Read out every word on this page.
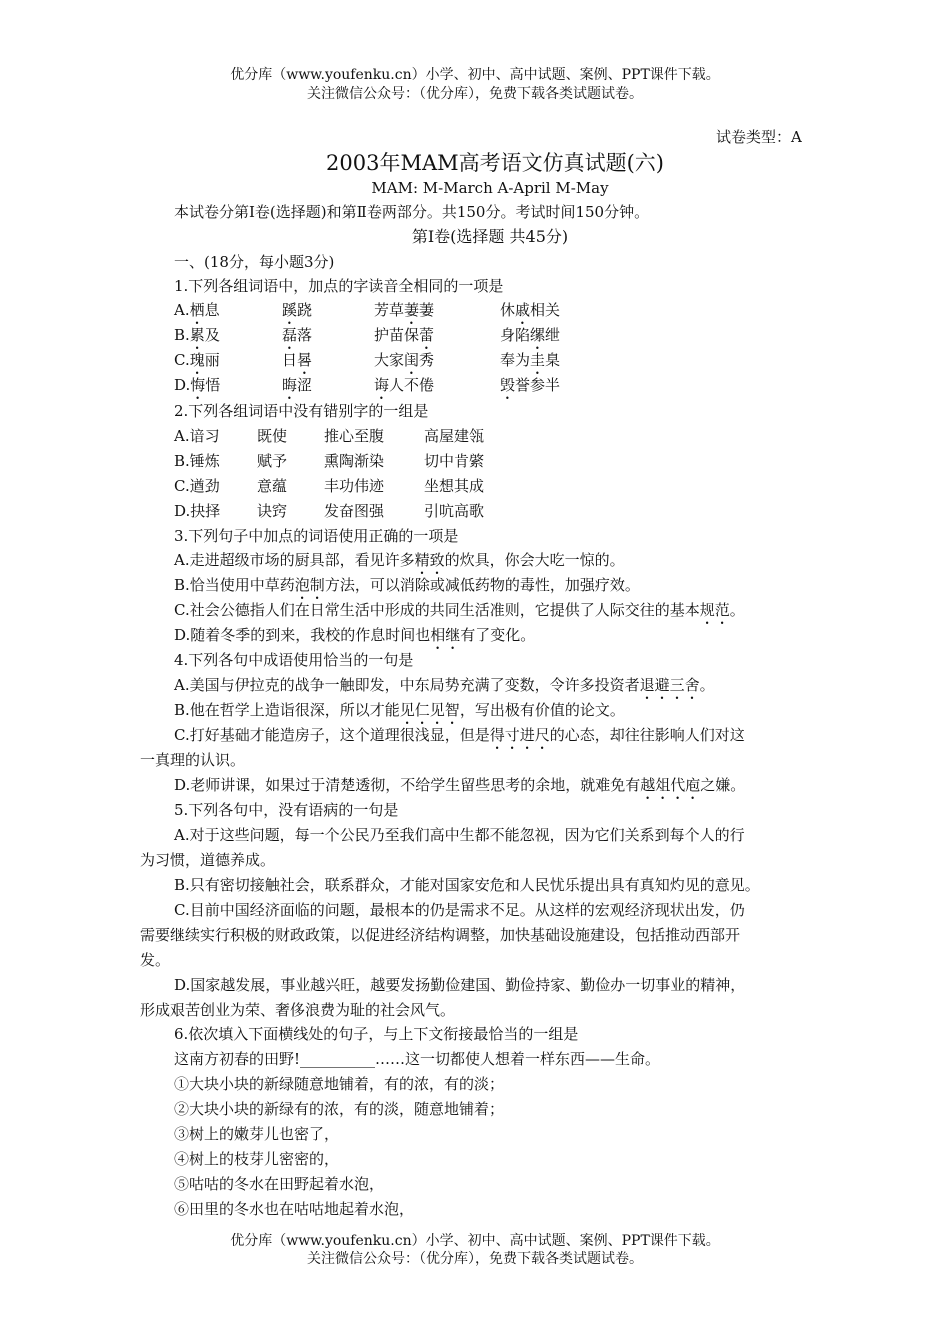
优分库（www.youfenku.cn）小学、初中、高中试题、案例、PPT课件下载。
关注微信公众号：（优分库），免费下载各类试题试卷。
试卷类型：A
2003年MAM高考语文仿真试题(六)
MAM: M-March A-April M-May
本试卷分第Ⅰ卷(选择题)和第Ⅱ卷两部分。共150分。考试时间150分钟。
第Ⅰ卷(选择题 共45分)
一、(18分，每小题3分)
1.下列各组词语中，加点的字读音全相同的一项是
A.栖息	蹊跷	芳草萋萋	休戚相关
B.累及	磊落	护苗保蕾	身陷缧绁
C.瑰丽	日晷	大家闺秀	奉为圭臬
D.悔悟	晦涩	诲人不倦	毁誉参半
2.下列各组词语中没有错别字的一组是
A.谙习 既使 推心至腹	高屋建瓴
B.锤炼 赋予 熏陶渐染	切中肯綮
C.遒劲 意蕴 丰功伟迹	坐想其成
D.抉择 诀窍 发奋图强	引吭高歌
3.下列句子中加点的词语使用正确的一项是
A.走进超级市场的厨具部，看见许多精致的炊具，你会大吃一惊的。
B.恰当使用中草药泡制方法，可以消除或减低药物的毒性，加强疗效。
C.社会公德指人们在日常生活中形成的共同生活准则，它提供了人际交往的基本规范。
D.随着冬季的到来，我校的作息时间也相继有了变化。
4.下列各句中成语使用恰当的一句是
A.美国与伊拉克的战争一触即发，中东局势充满了变数，令许多投资者退避三舍。
B.他在哲学上造诣很深，所以才能见仁见智，写出极有价值的论文。
C.打好基础才能造房子，这个道理很浅显，但是得寸进尺的心态，却往往影响人们对这
一真理的认识。
D.老师讲课，如果过于清楚透彻，不给学生留些思考的余地，就难免有越俎代庖之嫌。
5.下列各句中，没有语病的一句是
A.对于这些问题，每一个公民乃至我们高中生都不能忽视，因为它们关系到每个人的行
为习惯，道德养成。
B.只有密切接触社会，联系群众，才能对国家安危和人民忧乐提出具有真知灼见的意见。
C.目前中国经济面临的问题，最根本的仍是需求不足。从这样的宏观经济现状出发，仍
需要继续实行积极的财政政策，以促进经济结构调整，加快基础设施建设，包括推动西部开
发。
D.国家越发展，事业越兴旺，越要发扬勤俭建国、勤俭持家、勤俭办一切事业的精神，
形成艰苦创业为荣、奢侈浪费为耻的社会风气。
6.依次填入下面横线处的句子，与上下文衔接最恰当的一组是
这南方初春的田野!__________……这一切都使人想着一样东西——生命。
①大块小块的新绿随意地铺着，有的浓，有的淡；
②大块小块的新绿有的浓，有的淡，随意地铺着；
③树上的嫩芽儿也密了，
④树上的枝芽儿密密的，
⑤咕咕的冬水在田野起着水泡，
⑥田里的冬水也在咕咕地起着水泡，
优分库（www.youfenku.cn）小学、初中、高中试题、案例、PPT课件下载。
关注微信公众号：（优分库），免费下载各类试题试卷。
